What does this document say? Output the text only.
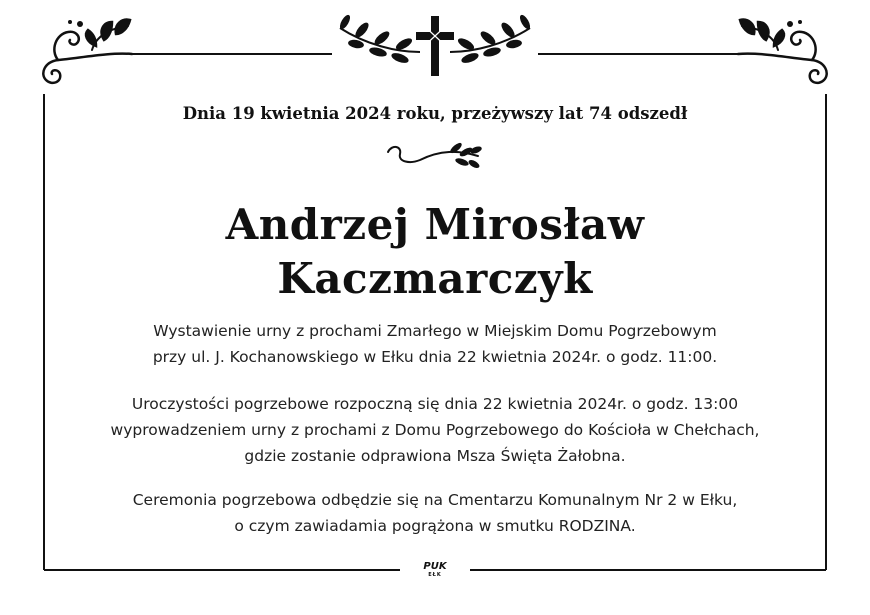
Dnia 19 kwietnia 2024 roku, przeżywszy lat 74 odszedł
Andrzej Mirosław
Kaczmarczyk
Wystawienie urny z prochami Zmarłego w Miejskim Domu Pogrzebowym
przy ul. J. Kochanowskiego w Ełku dnia 22 kwietnia 2024r. o godz. 11:00.
Uroczystości pogrzebowe rozpoczną się dnia 22 kwietnia 2024r. o godz. 13:00
wyprowadzeniem urny z prochami z Domu Pogrzebowego do Kościoła w Chełchach,
gdzie zostanie odprawiona Msza Święta Żałobna.
Ceremonia pogrzebowa odbędzie się na Cmentarzu Komunalnym Nr 2 w Ełku,
o czym zawiadamia pogrążona w smutku RODZINA.
PUK
EŁK
